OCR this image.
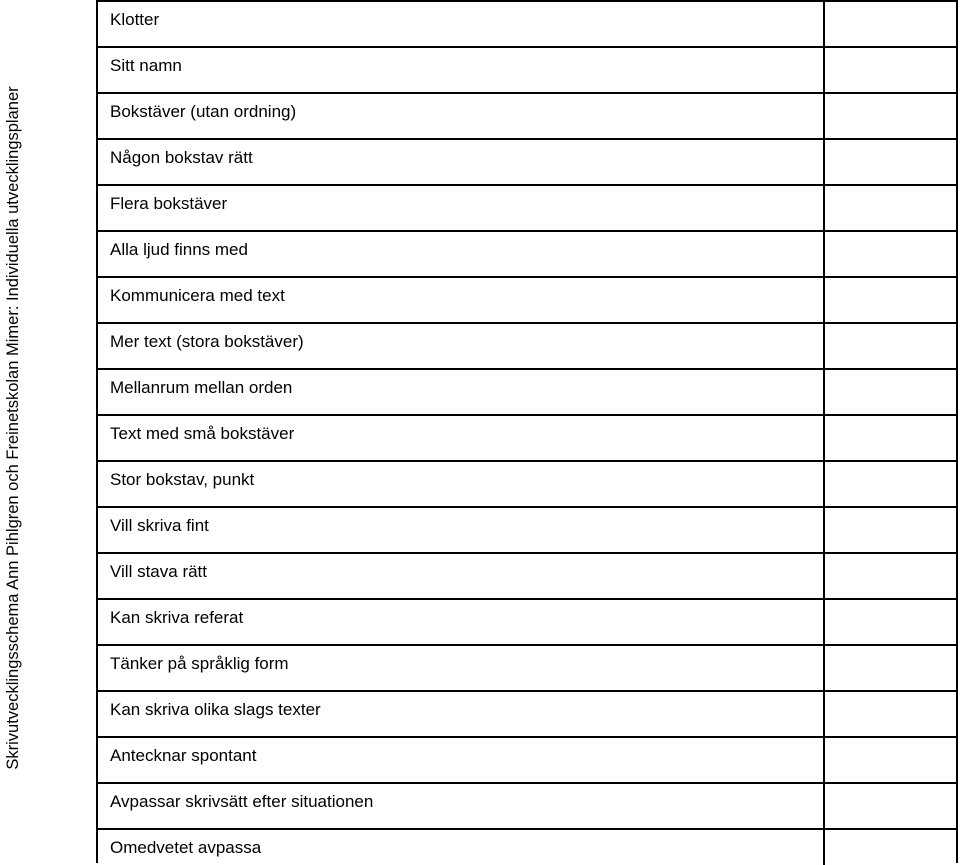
Skrivutvecklingsschema Ann Pihlgren och Freinetskolan Mimer: Individuella utvecklingsplaner
Klotter
Sitt namn
Bokstäver (utan ordning)
Någon bokstav rätt
Flera bokstäver
Alla ljud finns med
Kommunicera med text
Mer text (stora bokstäver)
Mellanrum mellan orden
Text med små bokstäver
Stor bokstav, punkt
Vill skriva fint
Vill stava rätt
Kan skriva referat
Tänker på språklig form
Kan skriva olika slags texter
Antecknar spontant
Avpassar skrivsätt efter situationen
Omedvetet avpassa
